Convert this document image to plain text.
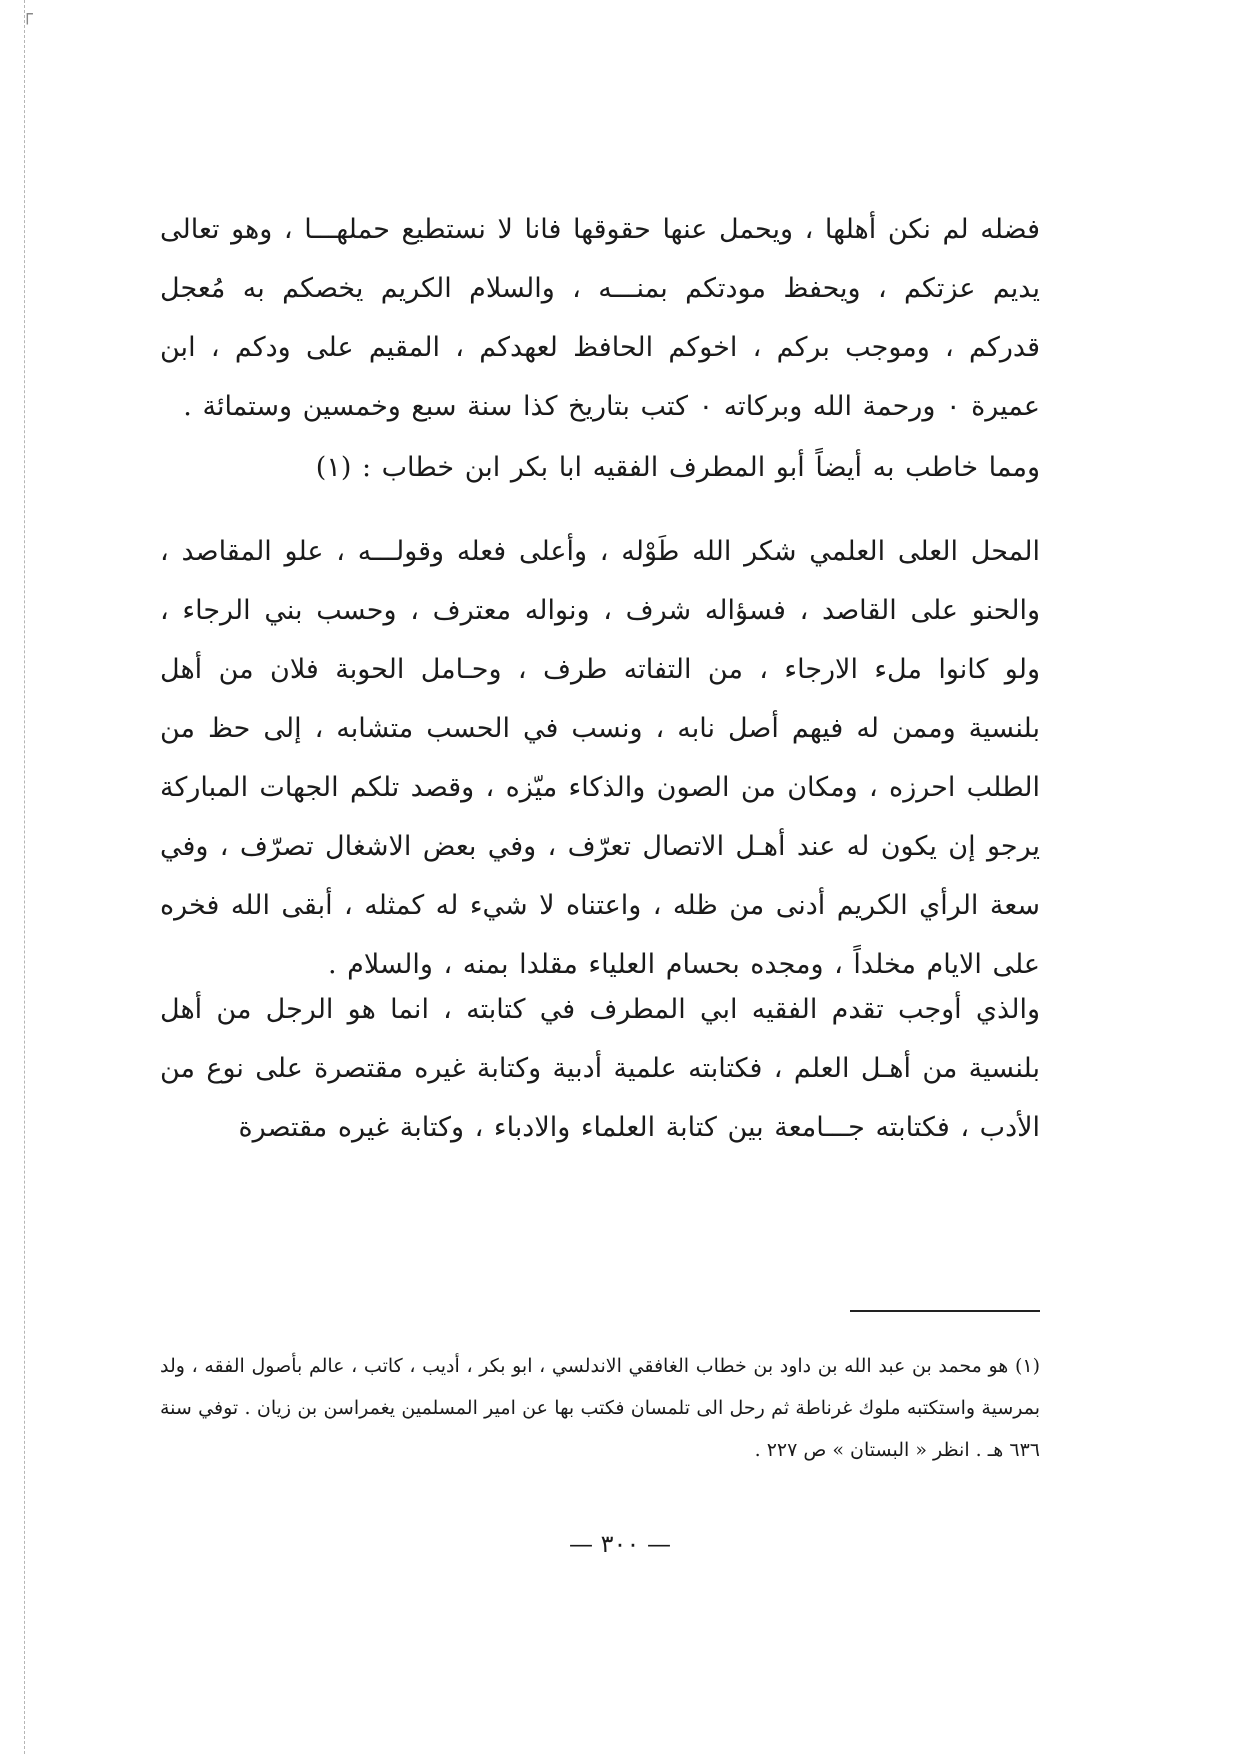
┌

فضله لم نكن أهلها ، ويحمل عنها حقوقها فانا لا نستطيع حملهـــا ، وهو تعالى يديم عزتكم ، ويحفظ مودتكم بمنـــه ، والسلام الكريم يخصكم به مُعجل قدركم ، وموجب بركم ، اخوكم الحافظ لعهدكم ، المقيم على ودكم ، ابن عميرة ٠ ورحمة الله وبركاته ٠ كتب بتاريخ كذا سنة سبع وخمسين وستمائة .

ومما خاطب به أيضاً أبو المطرف الفقيه ابا بكر ابن خطاب : (١)

المحل العلى العلمي شكر الله طَوْله ، وأعلى فعله وقولـــه ، علو المقاصد ، والحنو على القاصد ، فسؤاله شرف ، ونواله معترف ، وحسب بني الرجاء ، ولو كانوا ملء الارجاء ، من التفاته طرف ، وحـامل الحوبة فلان من أهل بلنسية وممن له فيهم أصل نابه ، ونسب في الحسب متشابه ، إلى حظ من الطلب احرزه ، ومكان من الصون والذكاء ميّزه ، وقصد تلكم الجهات المباركة يرجو إن يكون له عند أهـل الاتصال تعرّف ، وفي بعض الاشغال تصرّف ، وفي سعة الرأي الكريم أدنى من ظله ، واعتناه لا شيء له كمثله ، أبقى الله فخره على الايام مخلداً ، ومجده بحسام العلياء مقلدا بمنه ، والسلام .

والذي أوجب تقدم الفقيه ابي المطرف في كتابته ، انما هو الرجل من أهل بلنسية من أهـل العلم ، فكتابته علمية أدبية وكتابة غيره مقتصرة على نوع من الأدب ، فكتابته جـــامعة بين كتابة العلماء والادباء ، وكتابة غيره مقتصرة

(١) هو محمد بن عبد الله بن داود بن خطاب الغافقي الاندلسي ، ابو بكر ، أديب ، كاتب ، عالم بأصول الفقه ، ولد بمرسية واستكتبه ملوك غرناطة ثم رحل الى تلمسان فكتب بها عن امير المسلمين يغمراسن بن زيان . توفي سنة ٦٣٦ هـ . انظر « البستان » ص ٢٢٧ .

— ٣٠٠ —
